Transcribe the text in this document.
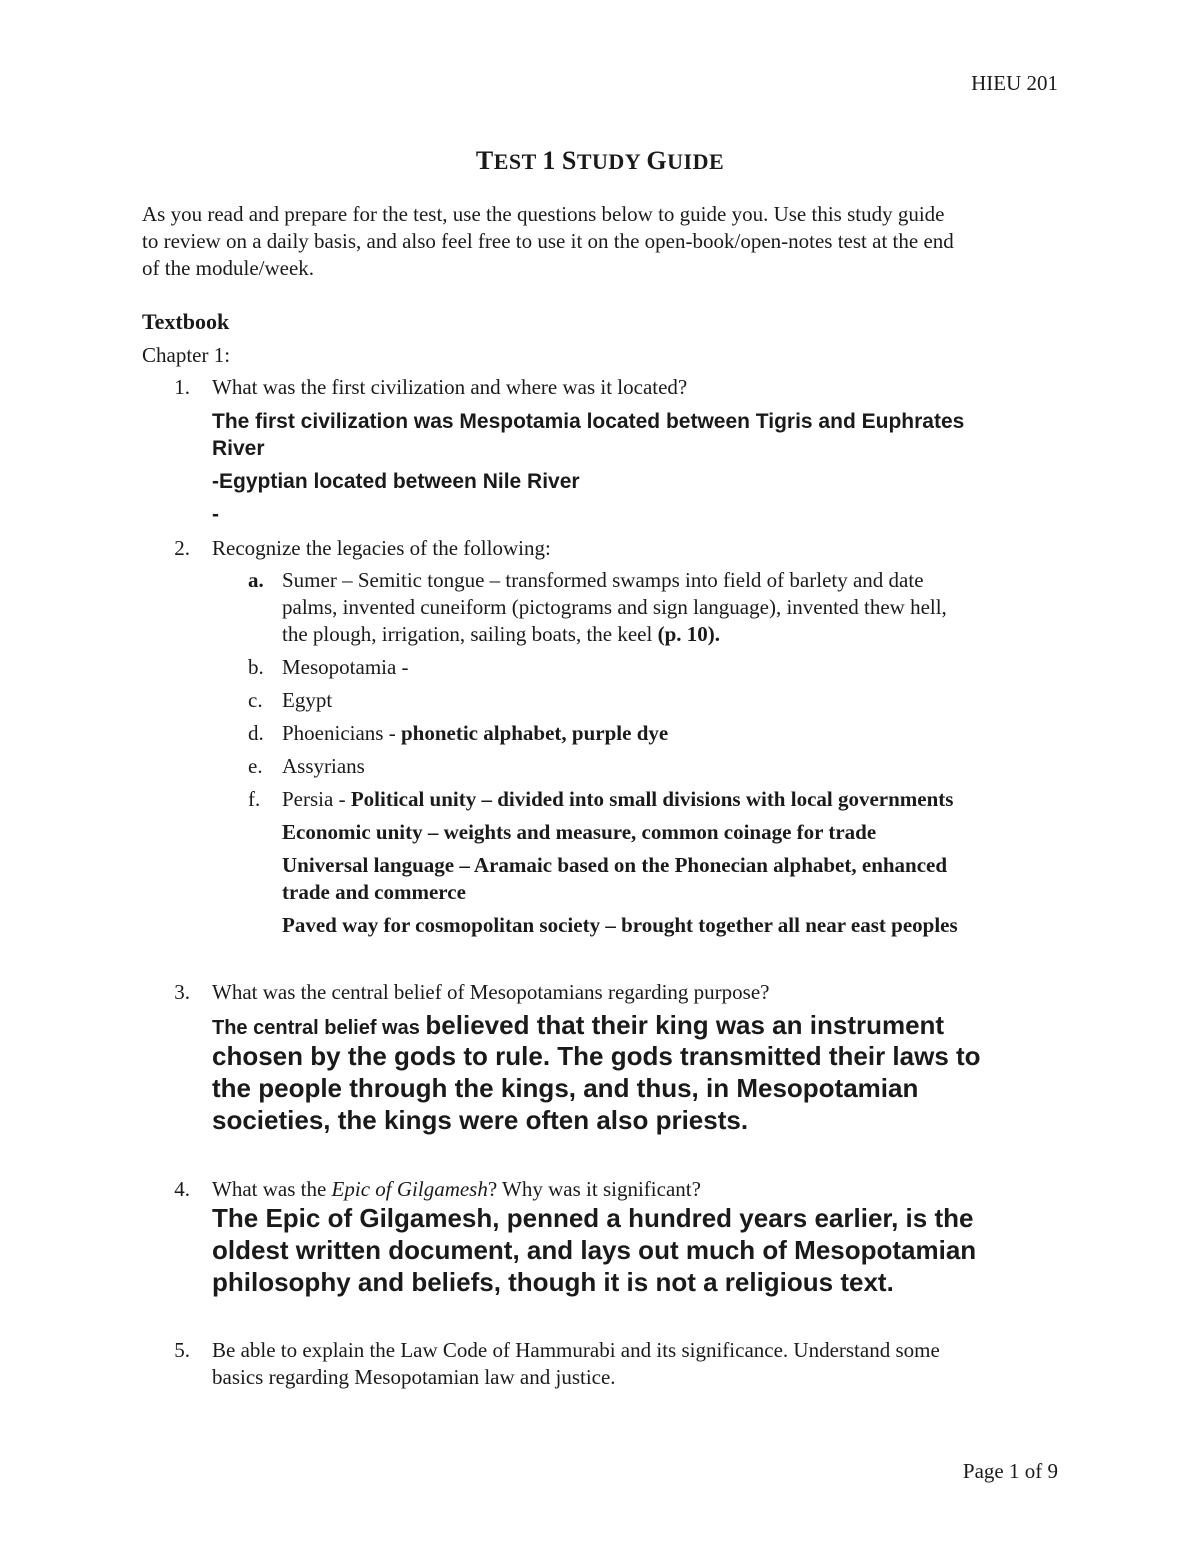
HIEU 201
TEST 1 STUDY GUIDE

As you read and prepare for the test, use the questions below to guide you. Use this study guide

to review on a daily basis, and also feel free to use it on the open-book/open-notes test at the end

of the module/week.

Textbook
Chapter 1:
1. What was the first civilization and where was it located?
The first civilization was Mespotamia located between Tigris and Euphrates
River
-Egyptian located between Nile River
-
2. Recognize the legacies of the following:
a. Sumer – Semitic tongue – transformed swamps into field of barlety and date
palms, invented cuneiform (pictograms and sign language), invented thew hell,
the plough, irrigation, sailing boats, the keel (p. 10).
b. Mesopotamia -
c. Egypt
d. Phoenicians - phonetic alphabet, purple dye
e. Assyrians
f. Persia - Political unity – divided into small divisions with local governments
Economic unity – weights and measure, common coinage for trade
Universal language – Aramaic based on the Phonecian alphabet, enhanced
trade and commerce
Paved way for cosmopolitan society – brought together all near east peoples
3. What was the central belief of Mesopotamians regarding purpose?
The central belief was believed that their king was an instrument
chosen by the gods to rule. The gods transmitted their laws to
the people through the kings, and thus, in Mesopotamian
societies, the kings were often also priests.
4. What was the Epic of Gilgamesh? Why was it significant?
The Epic of Gilgamesh, penned a hundred years earlier, is the
oldest written document, and lays out much of Mesopotamian
philosophy and beliefs, though it is not a religious text.
5. Be able to explain the Law Code of Hammurabi and its significance. Understand some
basics regarding Mesopotamian law and justice.
Page 1 of 9
